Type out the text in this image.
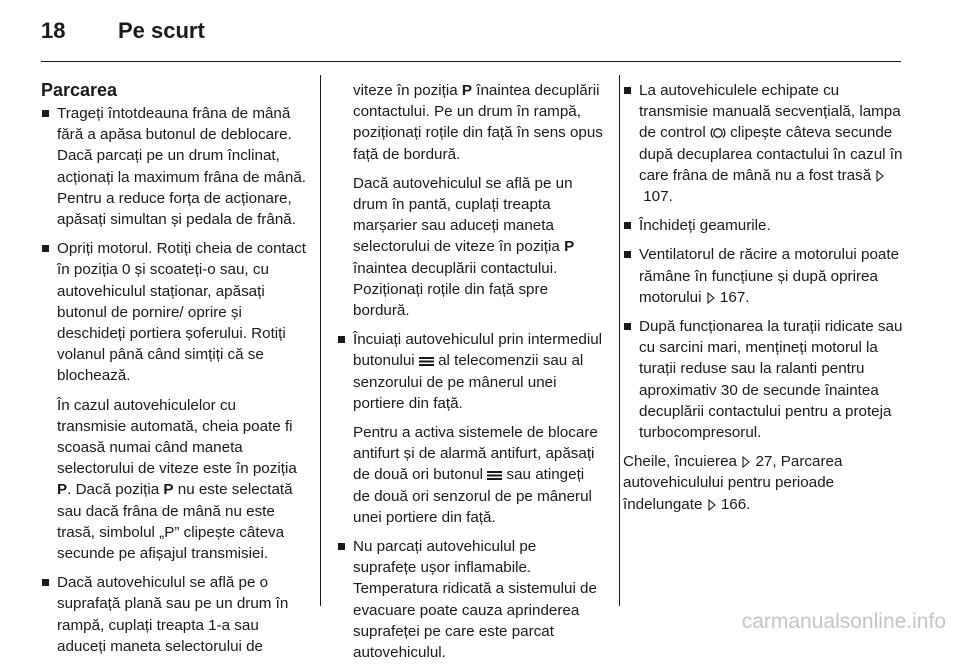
18 Pe scurt
Parcarea

Trageți întotdeauna frâna de mână fără a apăsa butonul de deblocare. Dacă parcați pe un drum înclinat, acționați la maximum frâna de mână. Pentru a reduce forța de acționare, apăsați simultan și pedala de frână.

Opriți motorul. Rotiți cheia de contact în poziția 0 și scoateți-o sau, cu autovehiculul staționar, apăsați butonul de pornire/ oprire și deschideți portiera șoferului. Rotiți volanul până când simțiți că se blochează.

În cazul autovehiculelor cu transmisie automată, cheia poate fi scoasă numai când maneta selectorului de viteze este în poziția P. Dacă poziția P nu este selectată sau dacă frâna de mână nu este trasă, simbolul „P” clipește câteva secunde pe afișajul transmisiei.

Dacă autovehiculul se află pe o suprafață plană sau pe un drum în rampă, cuplați treapta 1-a sau aduceți maneta selectorului de

viteze în poziția P înaintea decuplării contactului. Pe un drum în rampă, poziționați roțile din față în sens opus față de bordură.

Dacă autovehiculul se află pe un drum în pantă, cuplați treapta marșarier sau aduceți maneta selectorului de viteze în poziția P înaintea decuplării contactului. Poziționați roțile din față spre bordură.

Încuiați autovehiculul prin intermediul butonului  al telecomenzii sau al senzorului de pe mânerul unei portiere din față.

Pentru a activa sistemele de blocare antifurt și de alarmă antifurt, apăsați de două ori butonul  sau atingeți de două ori senzorul de pe mânerul unei portiere din față.

Nu parcați autovehiculul pe suprafețe ușor inflamabile. Temperatura ridicată a sistemului de evacuare poate cauza aprinderea suprafeței pe care este parcat autovehiculul.

La autovehiculele echipate cu transmisie manuală secvențială, lampa de control  clipește câteva secunde după decuplarea contactului în cazul în care frâna de mână nu a fost trasă  107.

Închideți geamurile.

Ventilatorul de răcire a motorului poate rămâne în funcțiune și după oprirea motorului  167.

După funcționarea la turații ridicate sau cu sarcini mari, mențineți motorul la turații reduse sau la ralanti pentru aproximativ 30 de secunde înaintea decuplării contactului pentru a proteja turbocompresorul.

Cheile, încuierea  27, Parcarea autovehiculului pentru perioade îndelungate  166.

carmanualsonline.info
